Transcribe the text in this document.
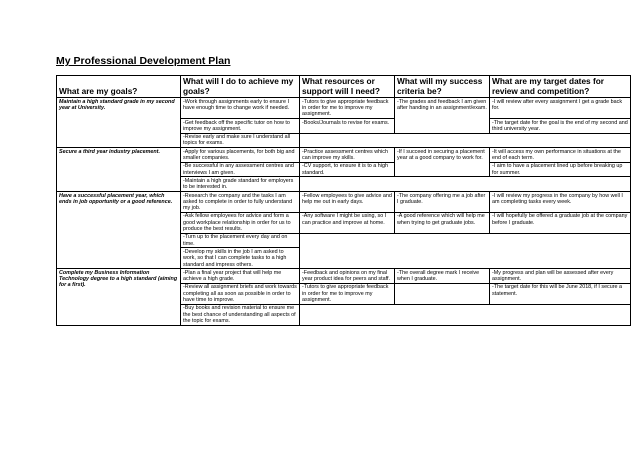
My Professional Development Plan
What are my goals?	What will I do to achieve my goals?	What resources or support will I need?	What will my success criteria be?	What are my target dates for review and competition?
Maintain a high standard grade in my second year at University.	-Work through assignments early to ensure I have enough time to change work if needed.	-Tutors to give appropriate feedback in order for me to improve my assignment.	-The grades and feedback I am given after handing in an assignment/exam.	-I will review after every assignment I get a grade back for.
	-Get feedback off the specific tutor on how to improve my assignment.	-Books/Journals to revise for exams.		-The target date for the goal is the end of my second and third university year.
	-Revise early and make sure I understand all topics for exams.			
Secure a third year industry placement.	-Apply for various placements, for both big and smaller companies.	-Practice assessment centres which can improve my skills.	-If I succeed in securing a placement year at a good company to work for.	-It will access my own performance in situations at the end of each term.
	-Be successful in any assessment centres and interviews I am given.	-CV support, to ensure it is to a high standard.		-I aim to have a placement lined up before breaking up for summer.
	-Maintain a high grade standard for employers to be interested in.			
Have a successful placement year, which ends in job opportunity or a good reference.	-Research the company and the tasks I am asked to complete in order to fully understand my job.	-Fellow employees to give advice and help me out in early days.	-The company offering me a job after I graduate.	-I will review my progress in the company by how well I am completing tasks every week.
	-Ask fellow employees for advice and form a good workplace relationship in order for us to produce the best results.	-Any software I might be using, so I can practice and improve at home.	-A good reference which will help me when trying to get graduate jobs.	-I will hopefully be offered a graduate job at the company before I graduate.
	-Turn up to the placement every day and on time.			
	-Develop my skills in the job I am asked to work, so that I can complete tasks to a high standard and impress others.			
Complete my Business Information Technology degree to a high standard (aiming for a first).	-Plan a final year project that will help me achieve a high grade.	-Feedback and opinions on my final year product idea for peers and staff.	-The overall degree mark I receive when I graduate.	-My progress and plan will be assessed after every assignment.
	-Review all assignment briefs and work towards completing all as soon as possible in order to have time to improve.	-Tutors to give appropriate feedback in order for me to improve my assignment.		-The target date for this will be June 2018, if I secure a statement.
	-Buy books and revision material to ensure me the best chance of understanding all aspects of the topic for exams.			
